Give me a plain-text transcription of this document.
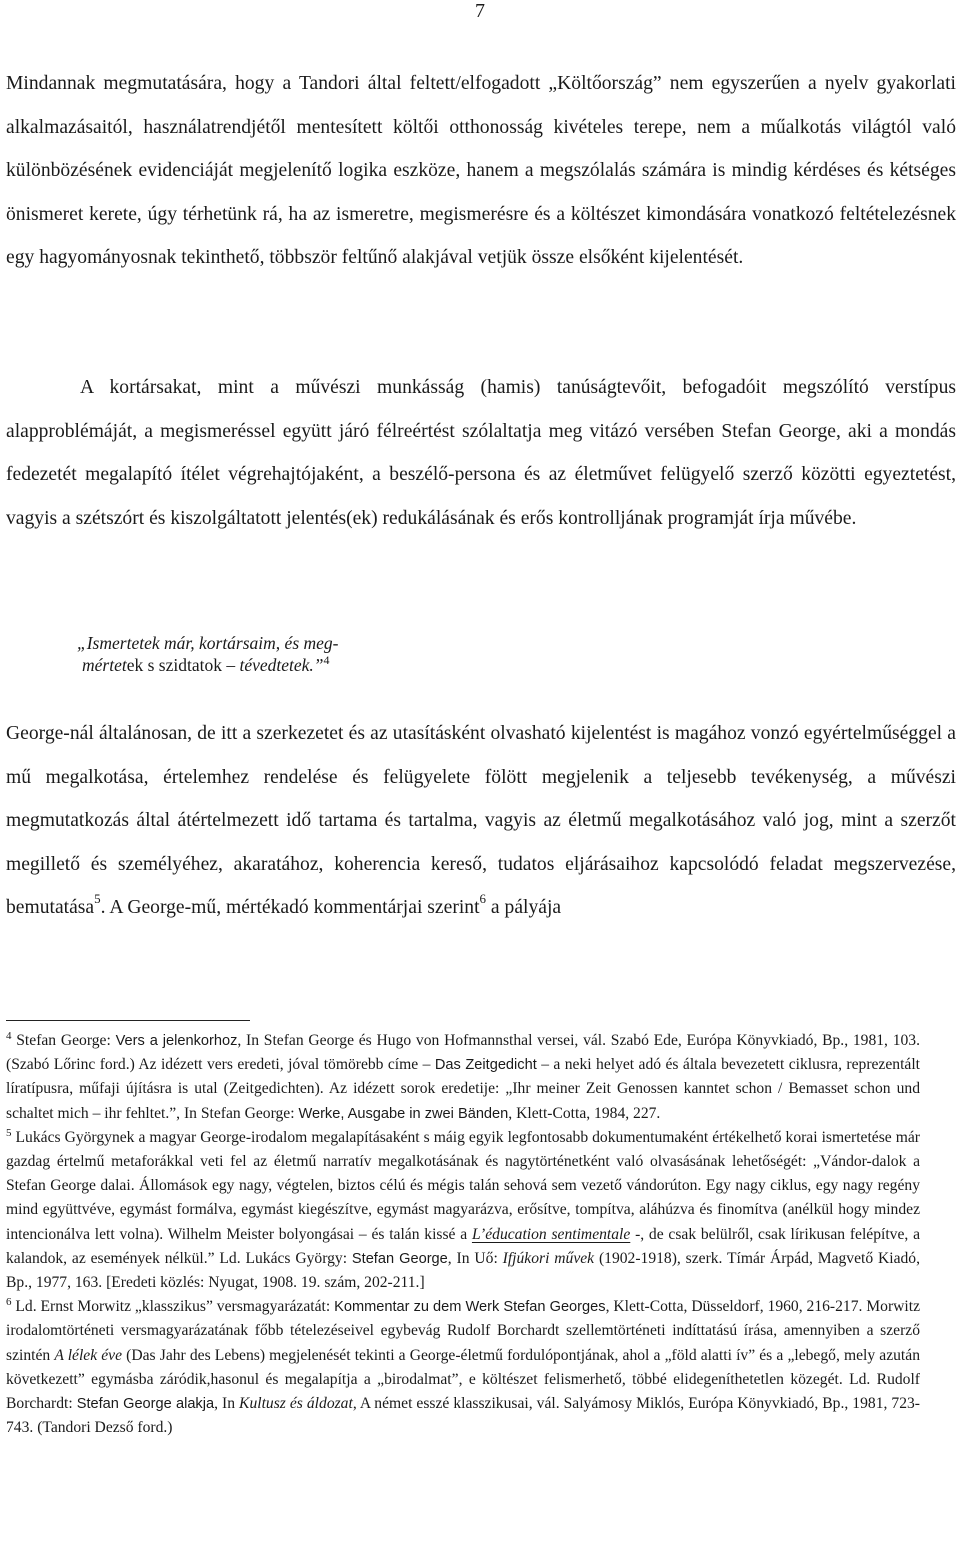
7

Mindannak megmutatására, hogy a Tandori által feltett/elfogadott „Költőország” nem egyszerűen a nyelv gyakorlati alkalmazásaitól, használatrendjétől mentesített költői otthonosság kivételes terepe, nem a műalkotás világtól való különbözésének evidenciáját megjelenítő logika eszköze, hanem a megszólalás számára is mindig kérdéses és kétséges önismeret kerete, úgy térhetünk rá, ha az ismeretre, megismerésre és a költészet kimondására vonatkozó feltételezésnek egy hagyományosnak tekinthető, többször feltűnő alakjával vetjük össze elsőként kijelentését.

A kortársakat, mint a művészi munkásság (hamis) tanúságtevőit, befogadóit megszólító verstípus alapproblémáját, a megismeréssel együtt járó félreértést szólaltatja meg vitázó versében Stefan George, aki a mondás fedezetét megalapító ítélet végrehajtójaként, a beszélő-persona és az életművet felügyelő szerző közötti egyeztetést, vagyis a szétszórt és kiszolgáltatott jelentés(ek) redukálásának és erős kontrolljának programját írja művébe.

„Ismertetek már, kortársaim, és meg-
mértetek s szidtatok – tévedtetek.”$^4$

George-nál általánosan, de itt a szerkezetet és az utasításként olvasható kijelentést is magához vonzó egyértelműséggel a mű megalkotása, értelemhez rendelése és felügyelete fölött megjelenik a teljesebb tevékenység, a művészi megmutatkozás által átértelmezett idő tartama és tartalma, vagyis az életmű megalkotásához való jog, mint a szerzőt megillető és személyéhez, akaratához, koherencia kereső, tudatos eljárásaihoz kapcsolódó feladat megszervezése, bemutatása$^5$. A George-mű, mértékadó kommentárjai szerint$^6$ a pályája

$^4$ Stefan George: Vers a jelenkorhoz, In Stefan George és Hugo von Hofmannsthal versei, vál. Szabó Ede, Európa Könyvkiadó, Bp., 1981, 103. (Szabó Lőrinc ford.) Az idézett vers eredeti, jóval tömörebb címe – Das Zeitgedicht – a neki helyet adó és általa bevezetett ciklusra, reprezentált líratípusra, műfaji újításra is utal (Zeitgedichten). Az idézett sorok eredetije: „Ihr meiner Zeit Genossen kanntet schon / Bemasset schon und schaltet mich – ihr fehltet.”, In Stefan George: Werke, Ausgabe in zwei Bänden, Klett-Cotta, 1984, 227.

$^5$ Lukács Györgynek a magyar George-irodalom megalapításaként s máig egyik legfontosabb dokumentumaként értékelhető korai ismertetése már gazdag értelmű metaforákkal veti fel az életmű narratív megalkotásának és nagytörténetként való olvasásának lehetőségét: „Vándor-dalok a Stefan George dalai. Állomások egy nagy, végtelen, biztos célú és mégis talán sehová sem vezető vándorúton. Egy nagy ciklus, egy nagy regény mind együttvéve, egymást formálva, egymást kiegészítve, egymást magyarázva, erősítve, tompítva, aláhúzva és finomítva (anélkül hogy mindez intencionálva lett volna). Wilhelm Meister bolyongásai – és talán kissé a L’éducation sentimentale -, de csak belülről, csak lírikusan felépítve, a kalandok, az események nélkül.” Ld. Lukács György: Stefan George, In Uő: Ifjúkori művek (1902-1918), szerk. Tímár Árpád, Magvető Kiadó, Bp., 1977, 163. [Eredeti közlés: Nyugat, 1908. 19. szám, 202-211.]

$^6$ Ld. Ernst Morwitz „klasszikus” versmagyarázatát: Kommentar zu dem Werk Stefan Georges, Klett-Cotta, Düsseldorf, 1960, 216-217. Morwitz irodalomtörténeti versmagyarázatának főbb tételezéseivel egybevág Rudolf Borchardt szellemtörténeti indíttatású írása, amennyiben a szerző szintén A lélek éve (Das Jahr des Lebens) megjelenését tekinti a George-életmű fordulópontjának, ahol a „föld alatti ív” és a „lebegő, mely azután következett” egymásba záródik,hasonul és megalapítja a „birodalmat”, e költészet felismerhető, többé elidegeníthetetlen közegét. Ld. Rudolf Borchardt: Stefan George alakja, In Kultusz és áldozat, A német esszé klasszikusai, vál. Salyámosy Miklós, Európa Könyvkiadó, Bp., 1981, 723-743. (Tandori Dezső ford.)
